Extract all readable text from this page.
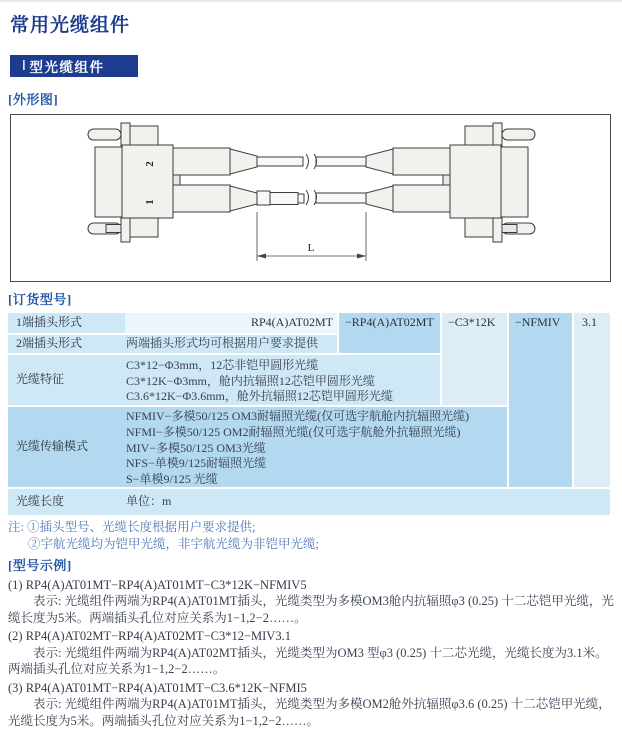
常用光缆组件
Ⅰ 型光缆组件
[外形图]
2
1
L
[订货型号]
1端插头形式	RP4(A)AT02MT	−RP4(A)AT02MT	−C3*12K	−NFMIV	3.1
2端插头形式	两端插头形式均可根据用户要求提供
光缆特征
C3*12−Φ3mm，12芯非铠甲圆形光缆
C3*12K−Φ3mm，舱内抗辐照12芯铠甲圆形光缆
C3.6*12K−Φ3.6mm，舱外抗辐照12芯铠甲圆形光缆
光缆传输模式
NFMIV−多模50/125 OM3耐辐照光缆(仅可选宇航舱内抗辐照光缆)
NFMI−多模50/125 OM2耐辐照光缆(仅可选宇航舱外抗辐照光缆)
MIV−多模50/125 OM3光缆
NFS−单模9/125耐辐照光缆
S−单模9/125 光缆
光缆长度	单位：m
注: ①插头型号、光缆长度根据用户要求提供;
②宇航光缆均为铠甲光缆，非宇航光缆为非铠甲光缆;
[型号示例]
(1) RP4(A)AT01MT−RP4(A)AT01MT−C3*12K−NFMIV5
表示: 光缆组件两端为RP4(A)AT01MT插头，光缆类型为多模OM3舱内抗辐照φ3 (0.25) 十二芯铠甲光缆，光缆长度为5米。两端插头孔位对应关系为1−1,2−2……。
(2) RP4(A)AT02MT−RP4(A)AT02MT−C3*12−MIV3.1
表示: 光缆组件两端为RP4(A)AT02MT插头，光缆类型为OM3 型φ3 (0.25) 十二芯光缆，光缆长度为3.1米。两端插头孔位对应关系为1−1,2−2……。
(3) RP4(A)AT01MT−RP4(A)AT01MT−C3.6*12K−NFMI5
表示: 光缆组件两端为RP4(A)AT01MT插头，光缆类型为多模OM2舱外抗辐照φ3.6 (0.25) 十二芯铠甲光缆，光缆长度为5米。两端插头孔位对应关系为1−1,2−2……。
